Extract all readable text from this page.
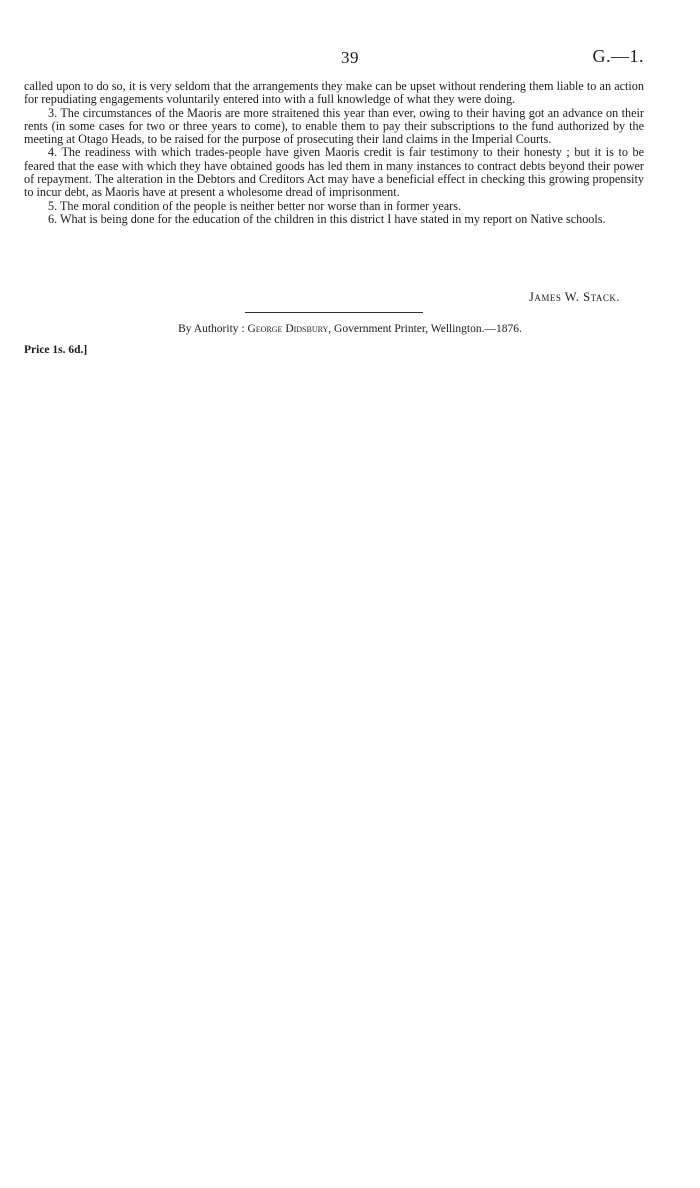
39	G.—1.

called upon to do so, it is very seldom that the arrangements they make can be upset without rendering them liable to an action for repudiating engagements voluntarily entered into with a full knowledge of what they were doing.

3. The circumstances of the Maoris are more straitened this year than ever, owing to their having got an advance on their rents (in some cases for two or three years to come), to enable them to pay their subscriptions to the fund authorized by the meeting at Otago Heads, to be raised for the purpose of prosecuting their land claims in the Imperial Courts.

4. The readiness with which trades-people have given Maoris credit is fair testimony to their honesty ; but it is to be feared that the ease with which they have obtained goods has led them in many instances to contract debts beyond their power of repayment. The alteration in the Debtors and Creditors Act may have a beneficial effect in checking this growing propensity to incur debt, as Maoris have at present a wholesome dread of imprisonment.

5. The moral condition of the people is neither better nor worse than in former years.

6. What is being done for the education of the children in this district I have stated in my report on Native schools.

James W. Stack.
By Authority : George Didsbury, Government Printer, Wellington.—1876.
Price 1s. 6d.]
